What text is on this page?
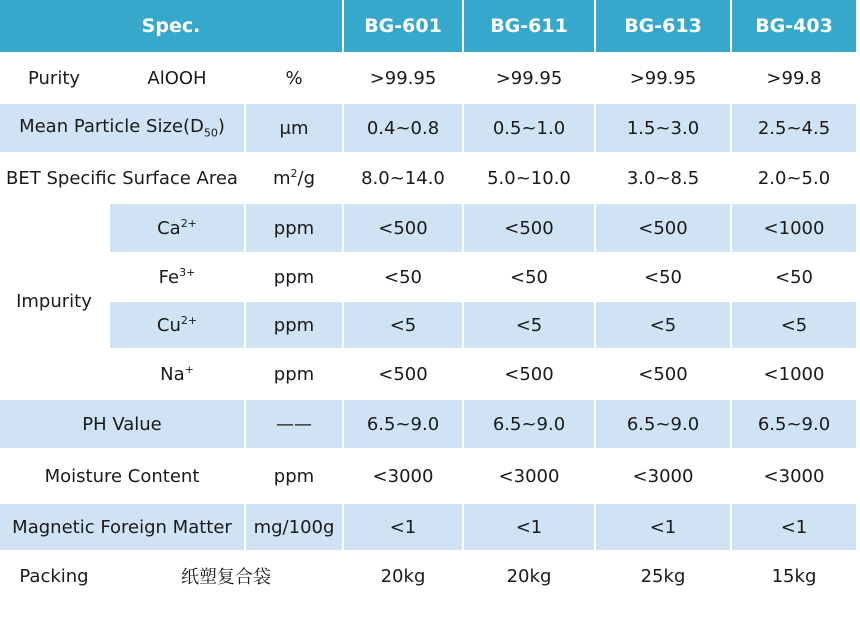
Spec.			BG-601	BG-611	BG-613	BG-403
Purity	AlOOH	%	>99.95	>99.95	>99.95	>99.8
Mean Particle $Size(D_{50})$		μm	0.4~0.8	0.5~1.0	1.5~3.0	2.5~4.5
BET Specific Surface Area		$m^2/g$	8.0~14.0	5.0~10.0	3.0~8.5	2.0~5.0
Impurity	$Ca^{2+}$	ppm	<500	<500	<500	<1000
	$Fe^{3+}$	ppm	<50	<50	<50	<50
	$Cu^{2+}$	ppm	<5	<5	<5	<5
	Na+	ppm	<500	<500	<500	<1000
PH Value		——	6.5~9.0	6.5~9.0	6.5~9.0	6.5~9.0
Moisture Content		ppm	<3000	<3000	<3000	<3000
Magnetic Foreign Matter		mg/100g	<1	<1	<1	<1
Packing	纸塑复合袋		20kg	20kg	25kg	15kg
